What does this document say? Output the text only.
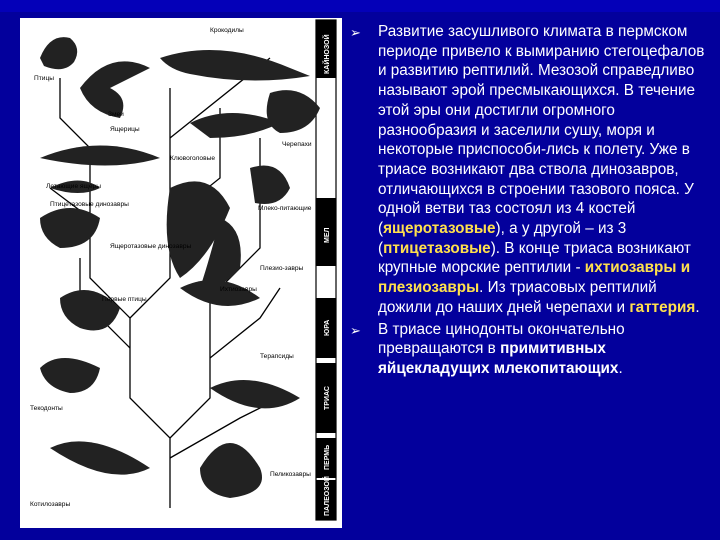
КАЙНОЗОЙ
МЕЛ
ЮРА
ТРИАС
ПЕРМЬ
ПАЛЕОЗОЙ
Птицы
Крокодилы
Змеи
Ящерицы
Черепахи
Клювоголовые
Летающие ящеры
Птицетазовые динозавры
Млеко-питающие
Ящеротазовые динозавры
Плезио-завры
Ихтиозавры
Первые птицы
Терапсиды
Текодонты
Котилозавры
Пеликозавры
➢ Развитие засушливого климата в пермском периоде привело к вымиранию стегоцефалов и развитию рептилий. Мезозой справедливо называют эрой пресмыкающихся. В течение этой эры они достигли огромного разнообразия и заселили сушу, моря и некоторые приспособи-лись к полету. Уже в триасе возникают два ствола динозавров, отличающихся в строении тазового пояса. У одной ветви таз состоял из 4 костей (ящеротазовые), а у другой – из 3 (птицетазовые). В конце триаса возникают крупные морские рептилии - ихтиозавры и плезиозавры. Из триасовых рептилий дожили до наших дней черепахи и гаттерия.
➢ В триасе цинодонты окончательно превращаются в примитивных яйцекладущих млекопитающих.
